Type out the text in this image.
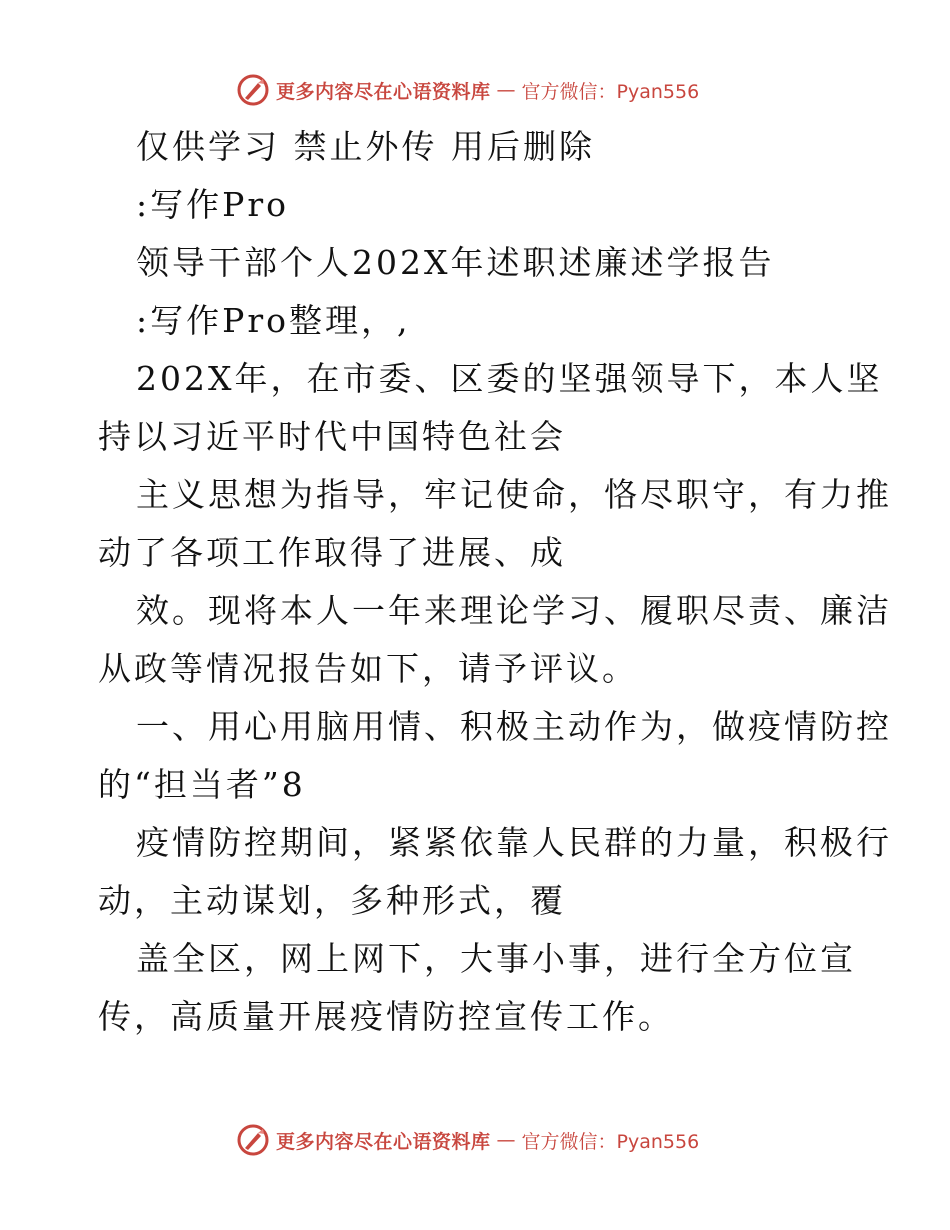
更多内容尽在心语资料库 — 官方微信：Pyan556
仅供学习 禁止外传 用后删除
:写作Pro
领导干部个人202X年述职述廉述学报告
:写作Pro整理，,
202X年，在市委、区委的坚强领导下，本人坚
持以习近平时代中国特色社会
主义思想为指导，牢记使命，恪尽职守，有力推
动了各项工作取得了进展、成
效。现将本人一年来理论学习、履职尽责、廉洁
从政等情况报告如下，请予评议。
一、用心用脑用情、积极主动作为，做疫情防控
的“担当者”8
疫情防控期间，紧紧依靠人民群的力量，积极行
动，主动谋划，多种形式，覆
盖全区，网上网下，大事小事，进行全方位宣
传，高质量开展疫情防控宣传工作。
更多内容尽在心语资料库 — 官方微信：Pyan556
